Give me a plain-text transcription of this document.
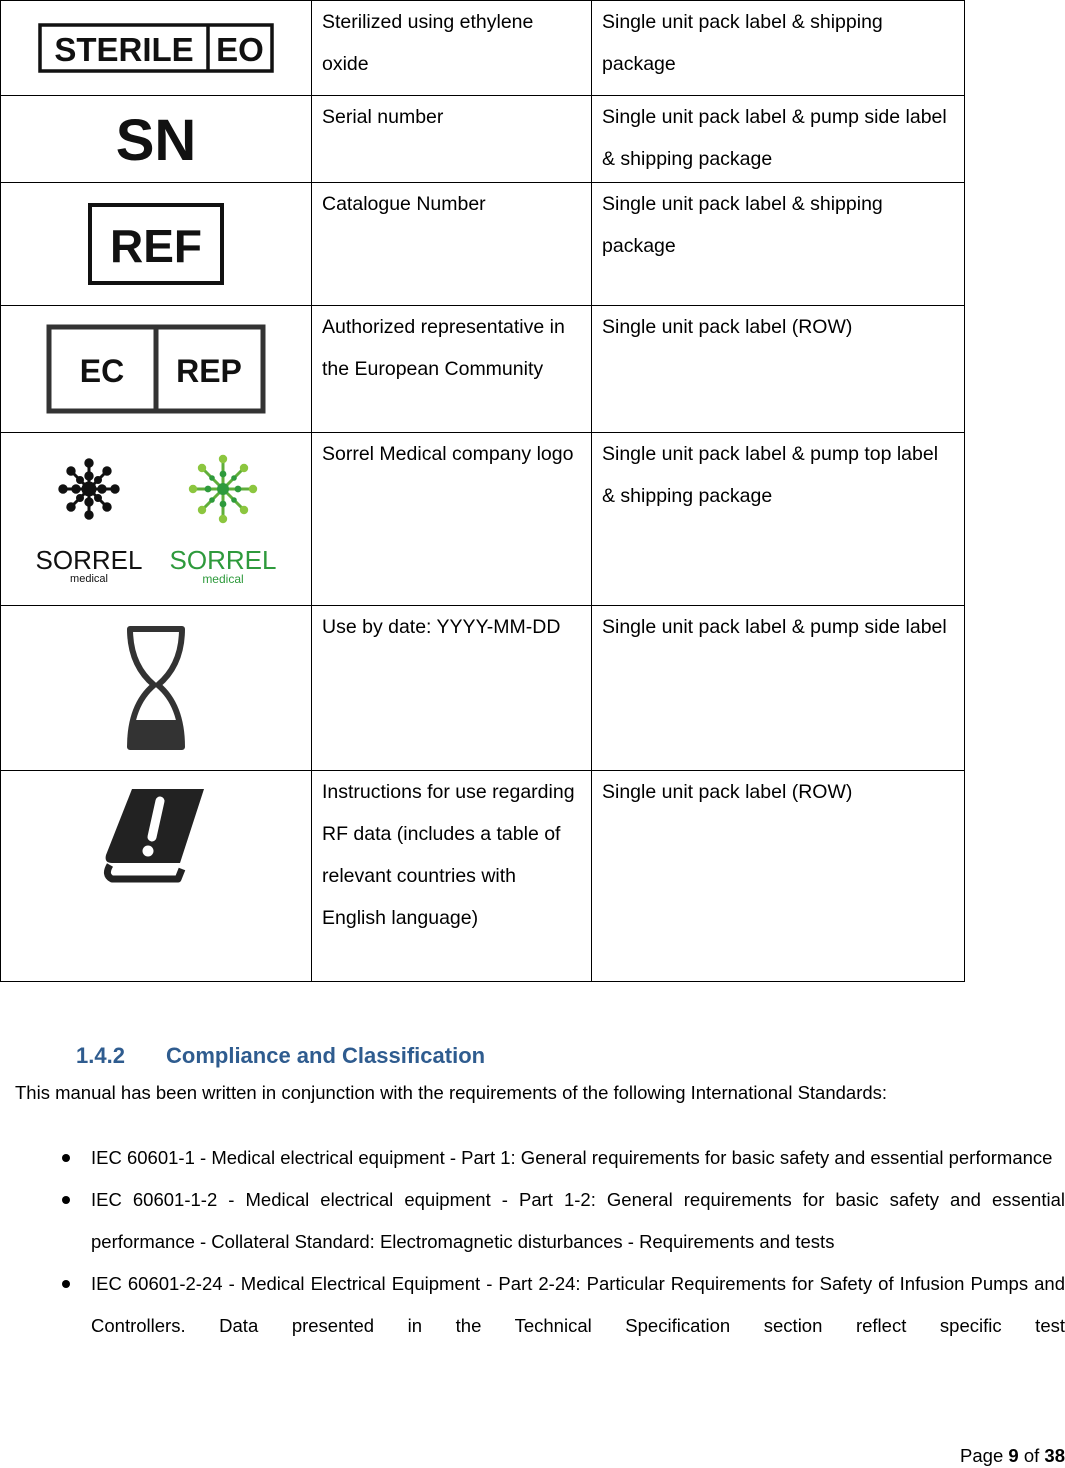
STERILE EO	Sterilized using ethylene oxide	Single unit pack label & shipping package

SN	Serial number	Single unit pack label & pump side label & shipping package

REF	Catalogue Number	Single unit pack label & shipping package

EC REP	Authorized representative in the European Community	Single unit pack label (ROW)

SORREL
medical
SORREL
medical	Sorrel Medical company logo	Single unit pack label & pump top label & shipping package

	Use by date: YYYY-MM-DD	Single unit pack label & pump side label

	Instructions for use regarding RF data (includes a table of relevant countries with English language)	Single unit pack label (ROW)
1.4.2 Compliance and Classification
This manual has been written in conjunction with the requirements of the following International Standards:
IEC 60601-1 - Medical electrical equipment - Part 1: General requirements for basic safety and essential performance
IEC 60601-1-2 - Medical electrical equipment - Part 1-2: General requirements for basic safety and essential performance - Collateral Standard: Electromagnetic disturbances - Requirements and tests
IEC 60601-2-24 - Medical Electrical Equipment - Part 2-24: Particular Requirements for Safety of Infusion Pumps and Controllers. Data presented in the Technical Specification section reflect specific test
Page 9 of 38
